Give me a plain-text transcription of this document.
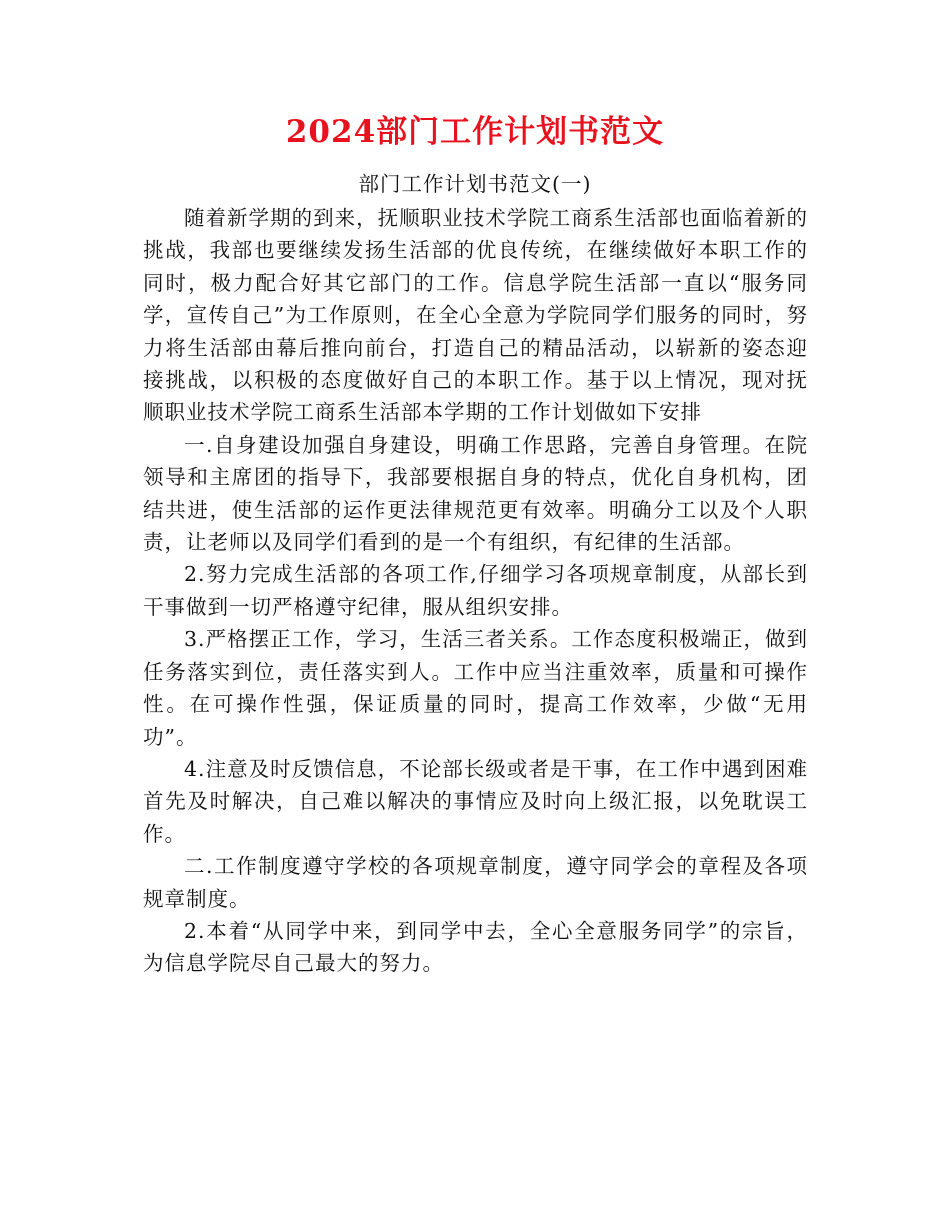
2024部门工作计划书范文
部门工作计划书范文(一)

随着新学期的到来，抚顺职业技术学院工商系生活部也面临着新的挑战，我部也要继续发扬生活部的优良传统，在继续做好本职工作的同时，极力配合好其它部门的工作。信息学院生活部一直以“服务同学，宣传自己”为工作原则，在全心全意为学院同学们服务的同时，努力将生活部由幕后推向前台，打造自己的精品活动，以崭新的姿态迎接挑战，以积极的态度做好自己的本职工作。基于以上情况，现对抚顺职业技术学院工商系生活部本学期的工作计划做如下安排

一.自身建设加强自身建设，明确工作思路，完善自身管理。在院领导和主席团的指导下，我部要根据自身的特点，优化自身机构，团结共进，使生活部的运作更法律规范更有效率。明确分工以及个人职责，让老师以及同学们看到的是一个有组织，有纪律的生活部。

2.努力完成生活部的各项工作,仔细学习各项规章制度，从部长到干事做到一切严格遵守纪律，服从组织安排。

3.严格摆正工作，学习，生活三者关系。工作态度积极端正，做到任务落实到位，责任落实到人。工作中应当注重效率，质量和可操作性。在可操作性强，保证质量的同时，提高工作效率，少做“无用功”。

4.注意及时反馈信息，不论部长级或者是干事，在工作中遇到困难首先及时解决，自己难以解决的事情应及时向上级汇报，以免耽误工作。

二.工作制度遵守学校的各项规章制度，遵守同学会的章程及各项规章制度。

2.本着“从同学中来，到同学中去，全心全意服务同学”的宗旨，为信息学院尽自己最大的努力。
